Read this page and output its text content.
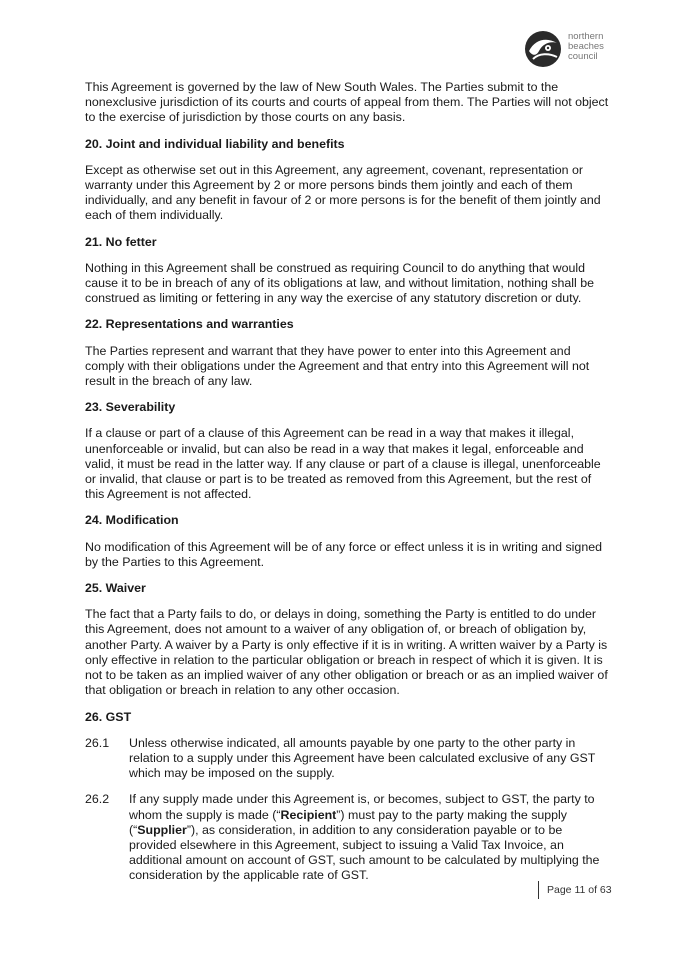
northern
beaches
council

This Agreement is governed by the law of New South Wales. The Parties submit to the nonexclusive jurisdiction of its courts and courts of appeal from them. The Parties will not object to the exercise of jurisdiction by those courts on any basis.

20. Joint and individual liability and benefits

Except as otherwise set out in this Agreement, any agreement, covenant, representation or warranty under this Agreement by 2 or more persons binds them jointly and each of them individually, and any benefit in favour of 2 or more persons is for the benefit of them jointly and each of them individually.

21. No fetter

Nothing in this Agreement shall be construed as requiring Council to do anything that would cause it to be in breach of any of its obligations at law, and without limitation, nothing shall be construed as limiting or fettering in any way the exercise of any statutory discretion or duty.

22. Representations and warranties

The Parties represent and warrant that they have power to enter into this Agreement and comply with their obligations under the Agreement and that entry into this Agreement will not result in the breach of any law.

23. Severability

If a clause or part of a clause of this Agreement can be read in a way that makes it illegal, unenforceable or invalid, but can also be read in a way that makes it legal, enforceable and valid, it must be read in the latter way. If any clause or part of a clause is illegal, unenforceable or invalid, that clause or part is to be treated as removed from this Agreement, but the rest of this Agreement is not affected.

24. Modification

No modification of this Agreement will be of any force or effect unless it is in writing and signed by the Parties to this Agreement.

25. Waiver

The fact that a Party fails to do, or delays in doing, something the Party is entitled to do under this Agreement, does not amount to a waiver of any obligation of, or breach of obligation by, another Party. A waiver by a Party is only effective if it is in writing. A written waiver by a Party is only effective in relation to the particular obligation or breach in respect of which it is given. It is not to be taken as an implied waiver of any other obligation or breach or as an implied waiver of that obligation or breach in relation to any other occasion.

26. GST

26.1	Unless otherwise indicated, all amounts payable by one party to the other party in relation to a supply under this Agreement have been calculated exclusive of any GST which may be imposed on the supply.
26.2	If any supply made under this Agreement is, or becomes, subject to GST, the party to whom the supply is made (“Recipient”) must pay to the party making the supply (“Supplier”), as consideration, in addition to any consideration payable or to be provided elsewhere in this Agreement, subject to issuing a Valid Tax Invoice, an additional amount on account of GST, such amount to be calculated by multiplying the consideration by the applicable rate of GST.
Page 11 of 63
